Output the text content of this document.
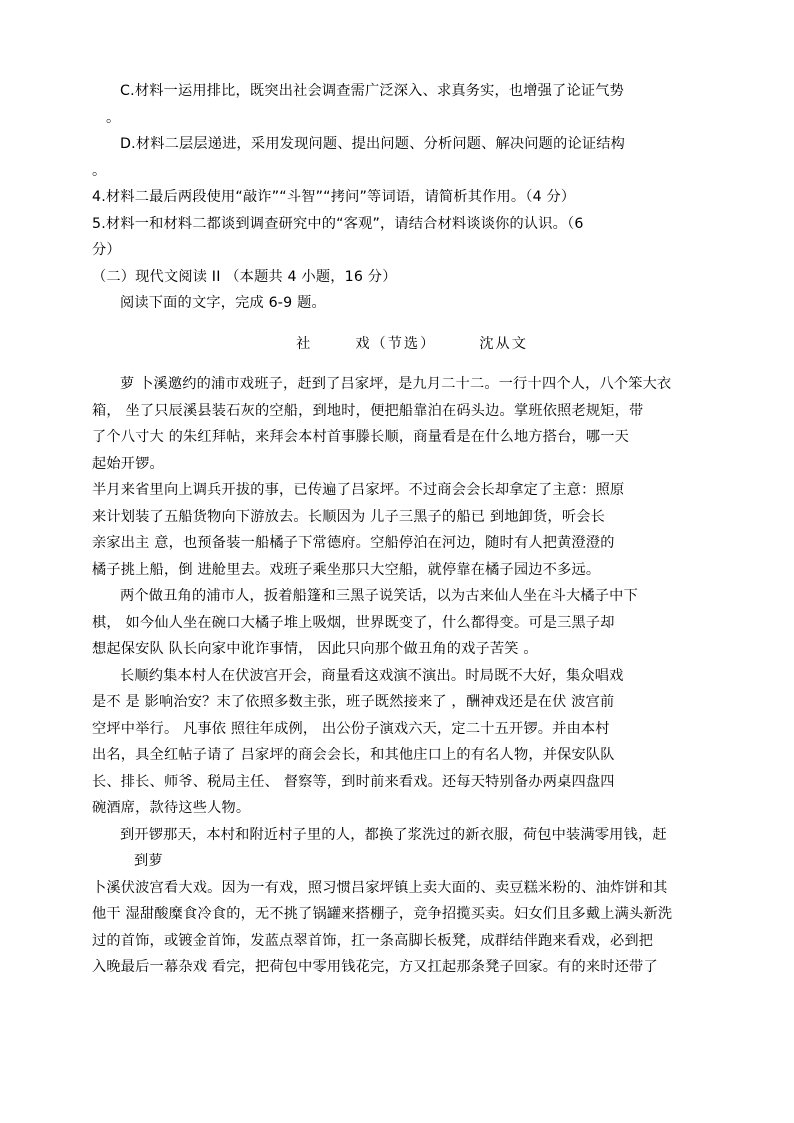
C.材料一运用排比，既突出社会调查需广泛深入、求真务实，也增强了论证气势

。

D.材料二层层递进，采用发现问题、提出问题、分析问题、解决问题的论证结构

。

4.材料二最后两段使用“敲诈”“斗智”“拷问”等词语，请简析其作用。（4 分）

5.材料一和材料二都谈到调查研究中的“客观”，请结合材料谈谈你的认识。（6

分）

（二）现代文阅读 II （本题共 4 小题，16 分）

阅读下面的文字，完成 6-9 题。

社	戏（节选）	沈从文

萝 卜溪邀约的浦市戏班子，赶到了吕家坪，是九月二十二。一行十四个人，八个笨大衣

箱， 坐了只辰溪县装石灰的空船，到地时，便把船靠泊在码头边。掌班依照老规矩，带

了个八寸大 的朱红拜帖，来拜会本村首事滕长顺，商量看是在什么地方搭台，哪一天

起始开锣。

半月来省里向上调兵开拔的事，已传遍了吕家坪。不过商会会长却拿定了主意：照原

来计划装了五船货物向下游放去。长顺因为 儿子三黑子的船已 到地卸货，听会长

亲家出主 意，也预备装一船橘子下常德府。空船停泊在河边，随时有人把黄澄澄的

橘子挑上船，倒 进舱里去。戏班子乘坐那只大空船，就停靠在橘子园边不多远。

两个做丑角的浦市人，扳着船篷和三黑子说笑话，以为古来仙人坐在斗大橘子中下

棋， 如今仙人坐在碗口大橘子堆上吸烟，世界既变了，什么都得变。可是三黑子却

想起保安队 队长向家中讹诈事情， 因此只向那个做丑角的戏子苦笑 。

长顺约集本村人在伏波宫开会，商量看这戏演不演出。时局既不大好，集众唱戏

是不 是 影响治安？末了依照多数主张，班子既然接来了 ，酬神戏还是在伏 波宫前

空坪中举行。 凡事依 照往年成例， 出公份子演戏六天，定二十五开锣。并由本村

出名，具全红帖子请了 吕家坪的商会会长，和其他庄口上的有名人物，并保安队队

长、排长、师爷、税局主任、 督察等，到时前来看戏。还每天特别备办两桌四盘四

碗酒席，款待这些人物。

到开锣那天，本村和附近村子里的人，都换了浆洗过的新衣服，荷包中装满零用钱，赶

到萝

卜溪伏波宫看大戏。因为一有戏，照习惯吕家坪镇上卖大面的、卖豆糕米粉的、油炸饼和其

他干 湿甜酸糜食冷食的，无不挑了锅罐来搭棚子，竞争招揽买卖。妇女们且多戴上满头新洗

过的首饰，或镀金首饰，发蓝点翠首饰，扛一条高脚长板凳，成群结伴跑来看戏，必到把

入晚最后一幕杂戏 看完，把荷包中零用钱花完，方又扛起那条凳子回家。有的来时还带了
